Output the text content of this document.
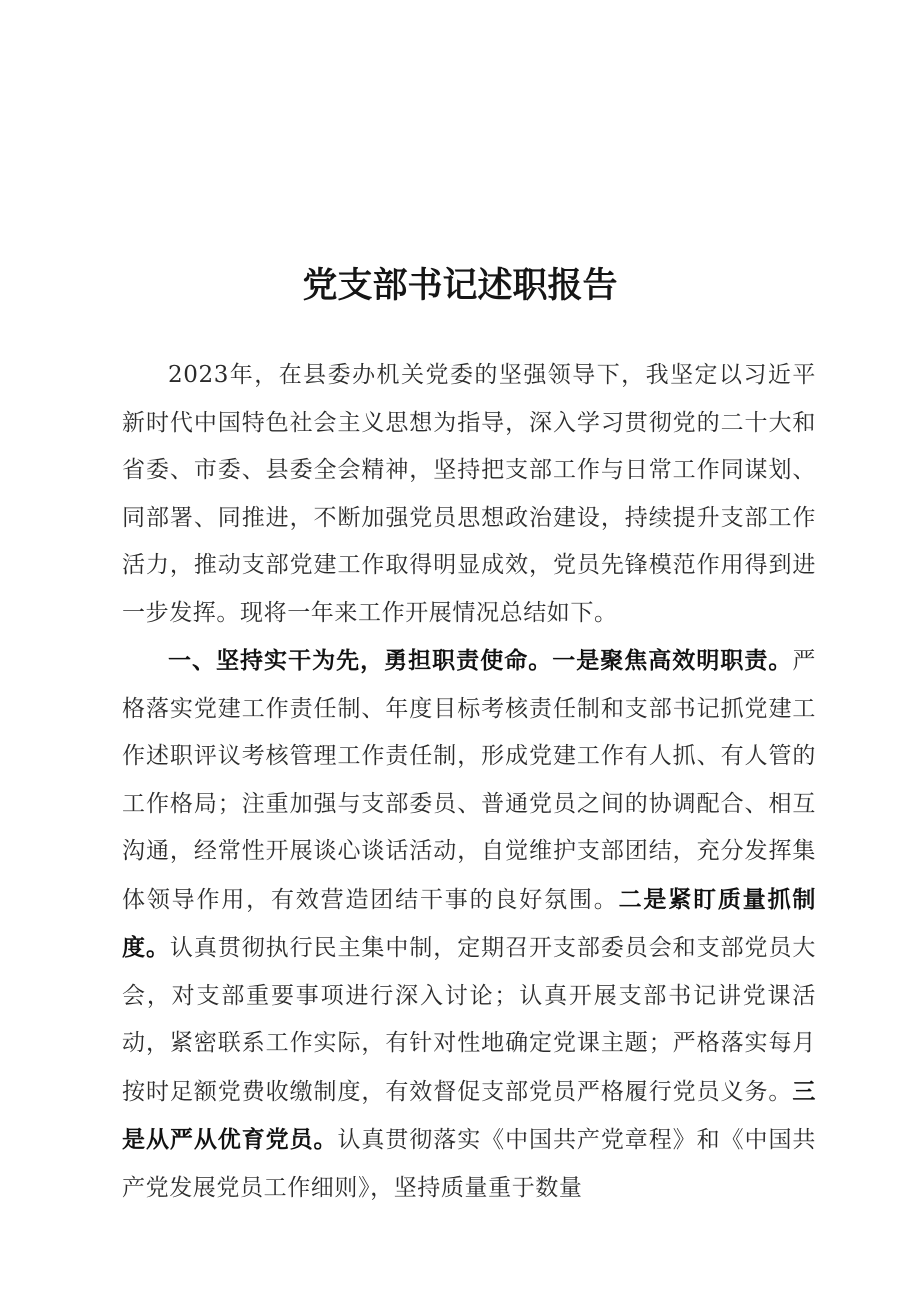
党支部书记述职报告

2023年，在县委办机关党委的坚强领导下，我坚定以习近平新时代中国特色社会主义思想为指导，深入学习贯彻党的二十大和省委、市委、县委全会精神，坚持把支部工作与日常工作同谋划、同部署、同推进，不断加强党员思想政治建设，持续提升支部工作活力，推动支部党建工作取得明显成效，党员先锋模范作用得到进一步发挥。现将一年来工作开展情况总结如下。

一、坚持实干为先，勇担职责使命。一是聚焦高效明职责。严格落实党建工作责任制、年度目标考核责任制和支部书记抓党建工作述职评议考核管理工作责任制，形成党建工作有人抓、有人管的工作格局；注重加强与支部委员、普通党员之间的协调配合、相互沟通，经常性开展谈心谈话活动，自觉维护支部团结，充分发挥集体领导作用，有效营造团结干事的良好氛围。二是紧盯质量抓制度。认真贯彻执行民主集中制，定期召开支部委员会和支部党员大会，对支部重要事项进行深入讨论；认真开展支部书记讲党课活动，紧密联系工作实际，有针对性地确定党课主题；严格落实每月按时足额党费收缴制度，有效督促支部党员严格履行党员义务。三是从严从优育党员。认真贯彻落实《中国共产党章程》和《中国共产党发展党员工作细则》，坚持质量重于数量
